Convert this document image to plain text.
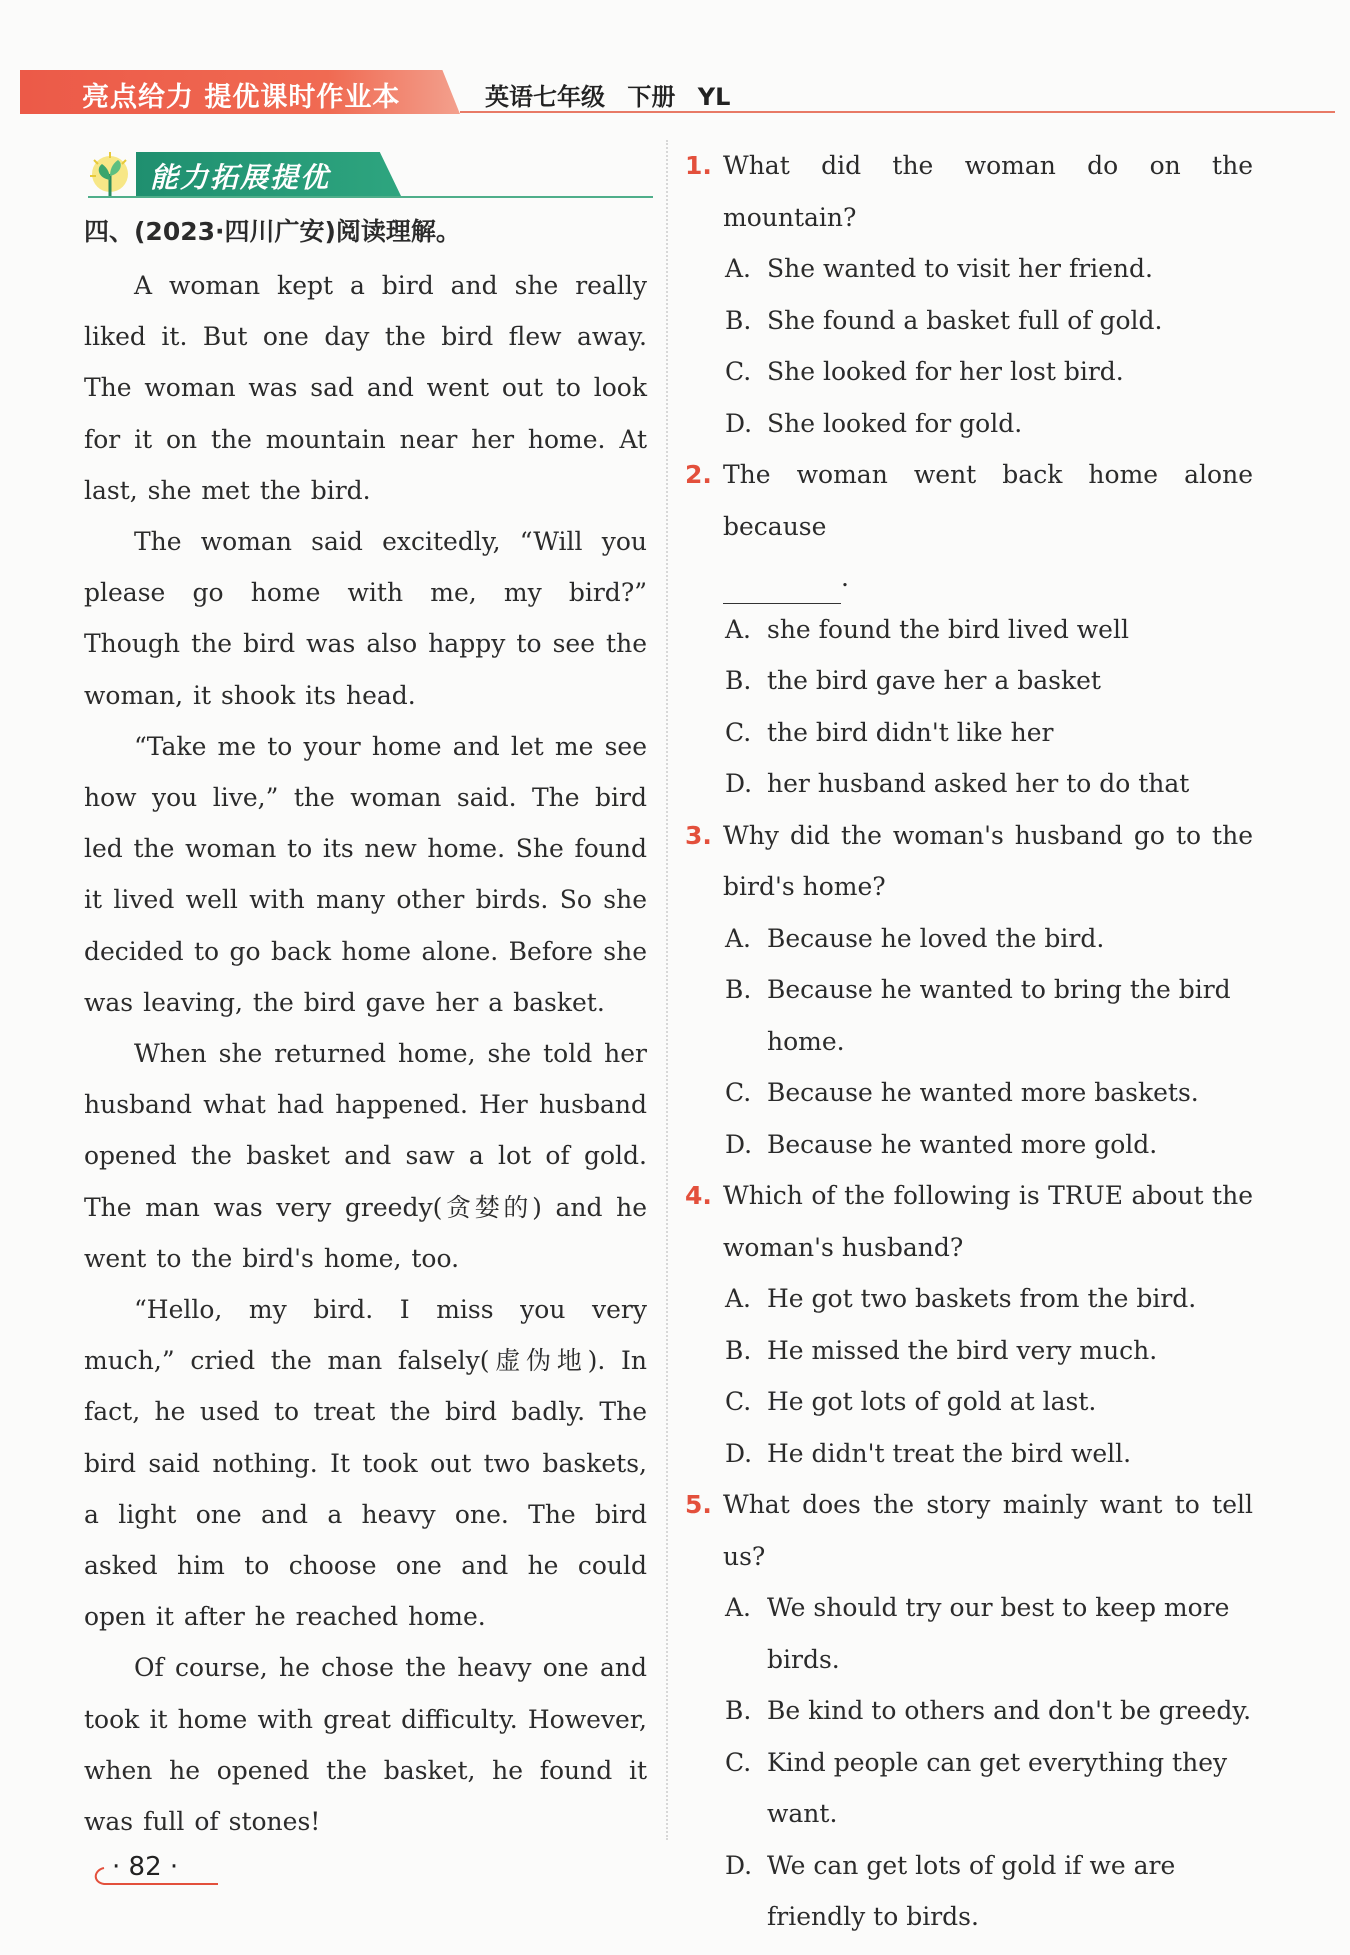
亮点给力 提优课时作业本	英语七年级 下册 YL
能力拓展提优

四、(2023·四川广安)阅读理解。

A woman kept a bird and she really liked it. But one day the bird flew away. The woman was sad and went out to look for it on the mountain near her home. At last, she met the bird.

The woman said excitedly, “Will you please go home with me, my bird?” Though the bird was also happy to see the woman, it shook its head.

“Take me to your home and let me see how you live,” the woman said. The bird led the woman to its new home. She found it lived well with many other birds. So she decided to go back home alone. Before she was leaving, the bird gave her a basket.

When she returned home, she told her husband what had happened. Her husband opened the basket and saw a lot of gold. The man was very greedy(贪婪的) and he went to the bird's home, too.

“Hello, my bird. I miss you very much,” cried the man falsely(虚伪地). In fact, he used to treat the bird badly. The bird said nothing. It took out two baskets, a light one and a heavy one. The bird asked him to choose one and he could open it after he reached home.

Of course, he chose the heavy one and took it home with great difficulty. However, when he opened the basket, he found it was full of stones!

1. What did the woman do on the mountain?
A. She wanted to visit her friend.
B. She found a basket full of gold.
C. She looked for her lost bird.
D. She looked for gold.
2. The woman went back home alone because
.
A. she found the bird lived well
B. the bird gave her a basket
C. the bird didn't like her
D. her husband asked her to do that
3. Why did the woman's husband go to the bird's home?
A. Because he loved the bird.
B. Because he wanted to bring the bird home.
C. Because he wanted more baskets.
D. Because he wanted more gold.
4. Which of the following is TRUE about the woman's husband?
A. He got two baskets from the bird.
B. He missed the bird very much.
C. He got lots of gold at last.
D. He didn't treat the bird well.
5. What does the story mainly want to tell us?
A. We should try our best to keep more birds.
B. Be kind to others and don't be greedy.
C. Kind people can get everything they want.
D. We can get lots of gold if we are friendly to birds.
· 82 ·
